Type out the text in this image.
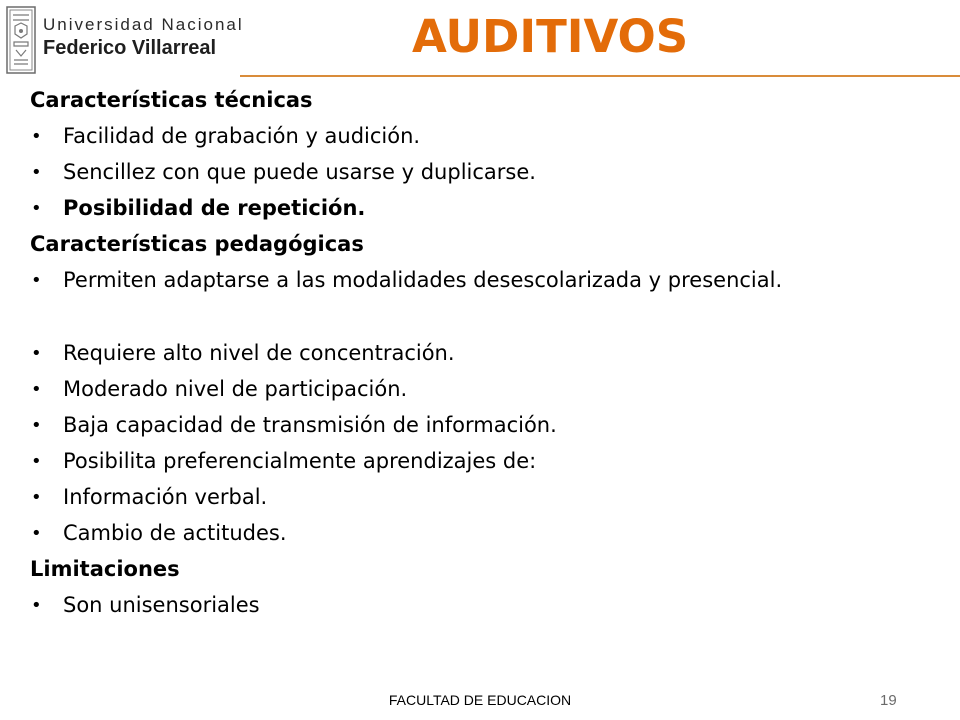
Universidad Nacional
Federico Villarreal	AUDITIVOS
Características técnicas
•	Facilidad de grabación y audición.
•	Sencillez con que puede usarse y duplicarse.
•	Posibilidad de repetición.
Características pedagógicas
•	Permiten adaptarse a las modalidades desescolarizada y presencial.
•	Requiere alto nivel de concentración.
•	Moderado nivel de participación.
•	Baja capacidad de transmisión de información.
•	Posibilita preferencialmente aprendizajes de:
•	Información verbal.
•	Cambio de actitudes.
Limitaciones
•	Son unisensoriales
FACULTAD DE EDUCACION	19
